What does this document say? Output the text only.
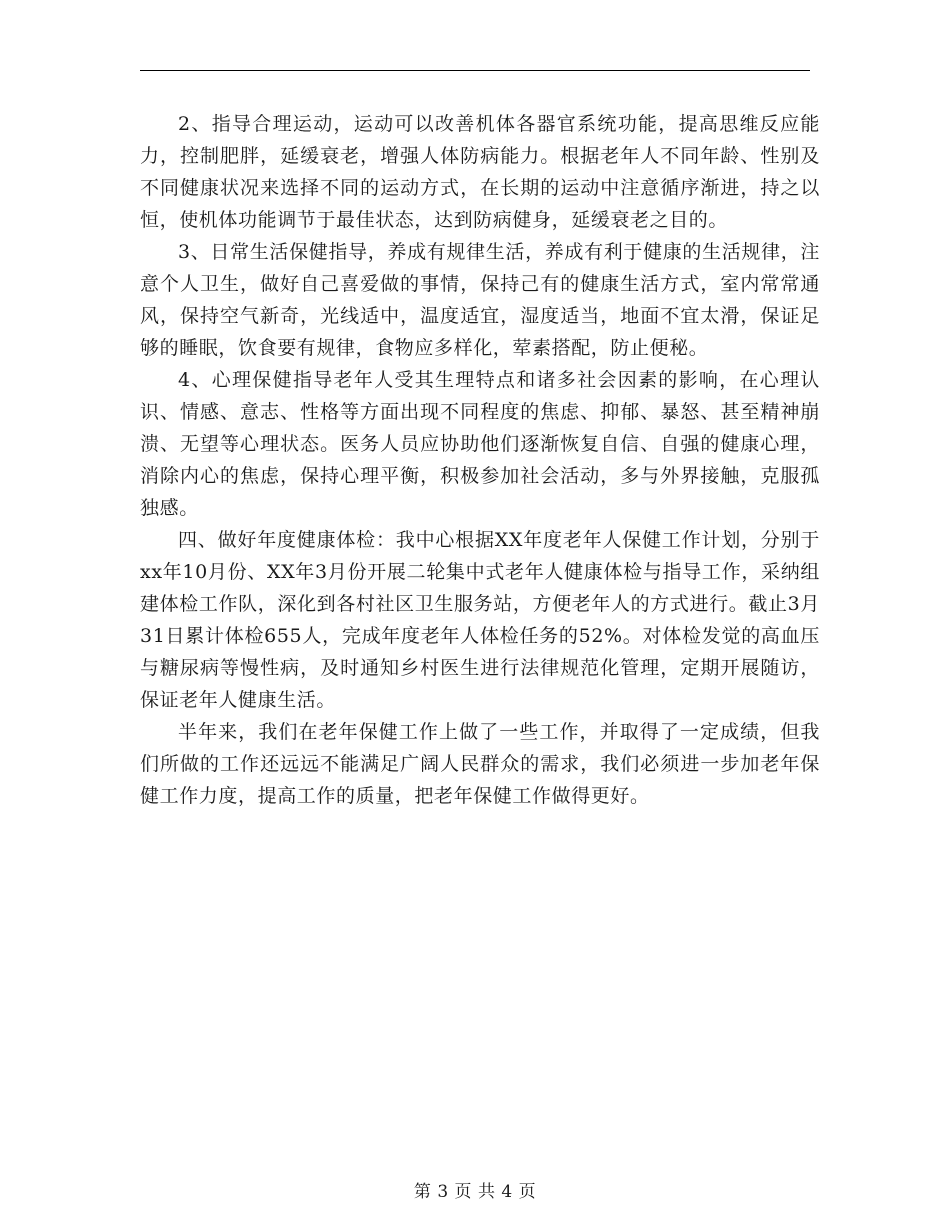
2、指导合理运动，运动可以改善机体各器官系统功能，提高思维反应能力，控制肥胖，延缓衰老，增强人体防病能力。根据老年人不同年龄、性别及不同健康状况来选择不同的运动方式，在长期的运动中注意循序渐进，持之以恒，使机体功能调节于最佳状态，达到防病健身，延缓衰老之目的。

3、日常生活保健指导，养成有规律生活，养成有利于健康的生活规律，注意个人卫生，做好自己喜爱做的事情，保持己有的健康生活方式，室内常常通风，保持空气新奇，光线适中，温度适宜，湿度适当，地面不宜太滑，保证足够的睡眠，饮食要有规律，食物应多样化，荤素搭配，防止便秘。

4、心理保健指导老年人受其生理特点和诸多社会因素的影响，在心理认识、情感、意志、性格等方面出现不同程度的焦虑、抑郁、暴怒、甚至精神崩溃、无望等心理状态。医务人员应协助他们逐渐恢复自信、自强的健康心理，消除内心的焦虑，保持心理平衡，积极参加社会活动，多与外界接触，克服孤独感。

四、做好年度健康体检：我中心根据XX年度老年人保健工作计划，分别于xx年10月份、XX年3月份开展二轮集中式老年人健康体检与指导工作，采纳组建体检工作队，深化到各村社区卫生服务站，方便老年人的方式进行。截止3月31日累计体检655人，完成年度老年人体检任务的52%。对体检发觉的高血压与糖尿病等慢性病，及时通知乡村医生进行法律规范化管理，定期开展随访，保证老年人健康生活。

半年来，我们在老年保健工作上做了一些工作，并取得了一定成绩，但我们所做的工作还远远不能满足广阔人民群众的需求，我们必须进一步加老年保健工作力度，提高工作的质量，把老年保健工作做得更好。

第 3 页 共 4 页
